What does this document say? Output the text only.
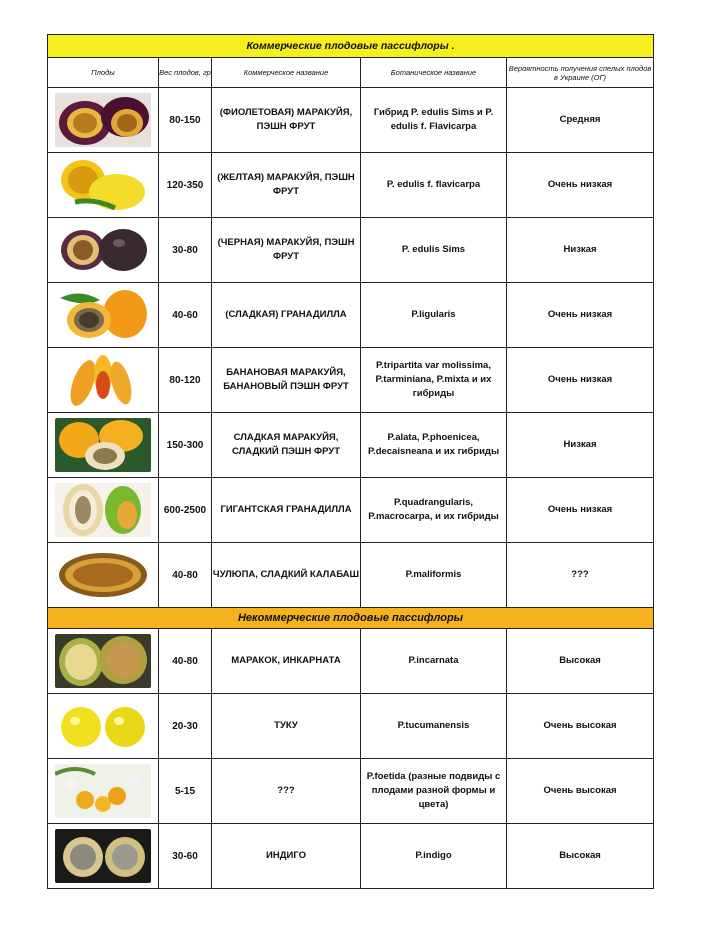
Коммерческие плодовые пассифлоры .				
Плоды	Вес плодов, гр	Коммерческое название	Ботаническое название	Вероятность получения спелых плодов в Украине (ОГ)

	80-150	(ФИОЛЕТОВАЯ) МАРАКУЙЯ, ПЭШН ФРУТ	Гибрид P. edulis Sims и P. edulis f. Flavicarpa	Средняя

	120-350	(ЖЕЛТАЯ) МАРАКУЙЯ, ПЭШН ФРУТ	P. edulis f. flavicarpa	Очень низкая

	30-80	(ЧЕРНАЯ) МАРАКУЙЯ, ПЭШН ФРУТ	P. edulis Sims	Низкая

	40-60	(СЛАДКАЯ) ГРАНАДИЛЛА	P.ligularis	Очень низкая

	80-120	БАНАНОВАЯ МАРАКУЙЯ, БАНАНОВЫЙ ПЭШН ФРУТ	P.tripartita var molissima, P.tarminiana, P.mixta и их гибриды	Очень низкая

	150-300	СЛАДКАЯ МАРАКУЙЯ, СЛАДКИЙ ПЭШН ФРУТ	P.alata, P.phoenicea, P.decaisneana и их гибриды	Низкая

	600-2500	ГИГАНТСКАЯ ГРАНАДИЛЛА	P.quadrangularis, P.macrocarpa, и их гибриды	Очень низкая

	40-80	ЧУЛЮПА, СЛАДКИЙ КАЛАБАШ	P.maliformis	???
Некоммерческие плодовые пассифлоры				

	40-80	МАРАКОК, ИНКАРНАТА	P.incarnata	Высокая

	20-30	ТУКУ	P.tucumanensis	Очень высокая

	5-15	???	P.foetida (разные подвиды с плодами разной формы и цвета)	Очень высокая

	30-60	ИНДИГО	P.indigo	Высокая
